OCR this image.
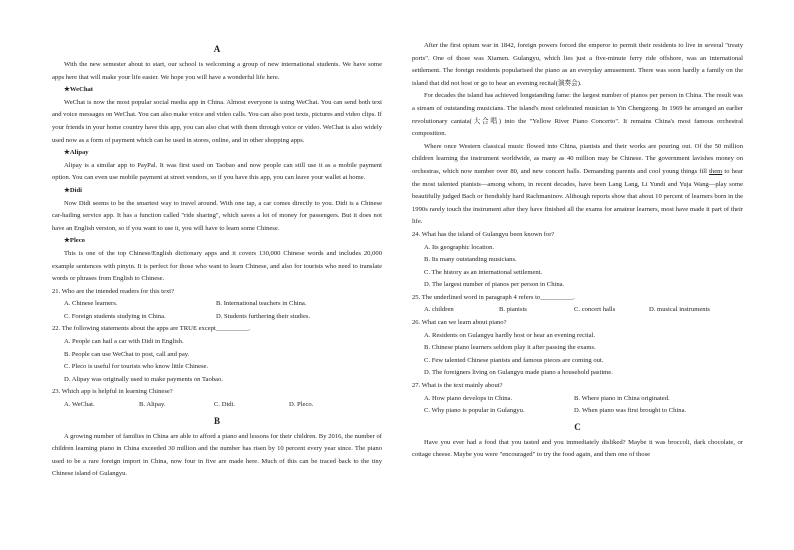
A

With the new semester about to start, our school is welcoming a group of new international students. We have some apps here that will make your life easier. We hope you will have a wonderful life here.

★WeChat

WeChat is now the most popular social media app in China. Almost everyone is using WeChat. You can send both text and voice messages on WeChat. You can also make voice and video calls. You can also post texts, pictures and video clips. If your friends in your home country have this app, you can also chat with them through voice or video. WeChat is also widely used now as a form of payment which can be used in stores, online, and in other shopping apps.

★Alipay

Alipay is a similar app to PayPal. It was first used on Taobao and now people can still use it as a mobile payment option. You can even use mobile payment at street vendors, so if you have this app, you can leave your wallet at home.

★Didi

Now Didi seems to be the smartest way to travel around. With one tap, a car comes directly to you. Didi is a Chinese car-hailing service app. It has a function called "ride sharing", which saves a lot of money for passengers. But it does not have an English version, so if you want to use it, you will have to learn some Chinese.

★Pleco

This is one of the top Chinese/English dictionary apps and it covers 130,000 Chinese words and includes 20,000 example sentences with pinyin. It is perfect for those who want to learn Chinese, and also for tourists who need to translate words or phrases from English to Chinese.

21. Who are the intended readers for this text?
A. Chinese learners.	B. International teachers in China.
C. Foreign students studying in China.	D. Students furthering their studies.
22. The following statements about the apps are TRUE except__________.
A. People can hail a car with Didi in English.
B. People can use WeChat to post, call and pay.
C. Pleco is useful for tourists who know little Chinese.
D. Alipay was originally used to make payments on Taobao.
23. Which app is helpful in learning Chinese?
A. WeChat.	B. Alipay.	C. Didi.	D. Pleco.
B

A growing number of families in China are able to afford a piano and lessons for their children. By 2016, the number of children learning piano in China exceeded 30 million and the number has risen by 10 percent every year since. The piano used to be a rare foreign import in China, now four in five are made here. Much of this can be traced back to the tiny Chinese island of Gulangyu.

After the first opium war in 1842, foreign powers forced the emperor to permit their residents to live in several "treaty ports". One of those was Xiamen. Gulangyu, which lies just a five-minute ferry ride offshore, was an international settlement. The foreign residents popularised the piano as an everyday amusement. There was soon hardly a family on the island that did not host or go to hear an evening recital(演奏会).

For decades the island has achieved longstanding fame: the largest number of pianos per person in China. The result was a stream of outstanding musicians. The island's most celebrated musician is Yin Chengzong. In 1969 he arranged an earlier revolutionary cantata(大合唱) into the "Yellow River Piano Concerto". It remains China's most famous orchestral composition.

Where once Western classical music flowed into China, pianists and their works are pouring out. Of the 50 million children learning the instrument worldwide, as many as 40 million may be Chinese. The government lavishes money on orchestras, which now number over 80, and new concert halls. Demanding parents and cool young things fill them to hear the most talented pianists—among whom, in recent decades, have been Lang Lang, Li Yundi and Yuja Wang—play some beautifully judged Bach or fiendishly hard Rachmaninov. Although reports show that about 10 percent of learners born in the 1990s rarely touch the instrument after they have finished all the exams for amateur learners, most have made it part of their life.

24. What has the island of Gulangyu been known for?
A. Its geographic location.
B. Its many outstanding musicians.
C. The history as an international settlement.
D. The largest number of pianos per person in China.
25. The underlined word in paragraph 4 refers to__________.
A. children	B. pianists	C. concert halls	D. musical instruments
26. What can we learn about piano?
A. Residents on Gulangyu hardly host or hear an evening recital.
B. Chinese piano learners seldom play it after passing the exams.
C. Few talented Chinese pianists and famous pieces are coming out.
D. The foreigners living on Gulangyu made piano a household pastime.
27. What is the text mainly about?
A. How piano develops in China.	B. Where piano in China originated.
C. Why piano is popular in Gulangyu.	D. When piano was first brought to China.
C

Have you ever had a food that you tasted and you immediately disliked? Maybe it was broccoli, dark chocolate, or cottage cheese. Maybe you were "encouraged" to try the food again, and then one of those
